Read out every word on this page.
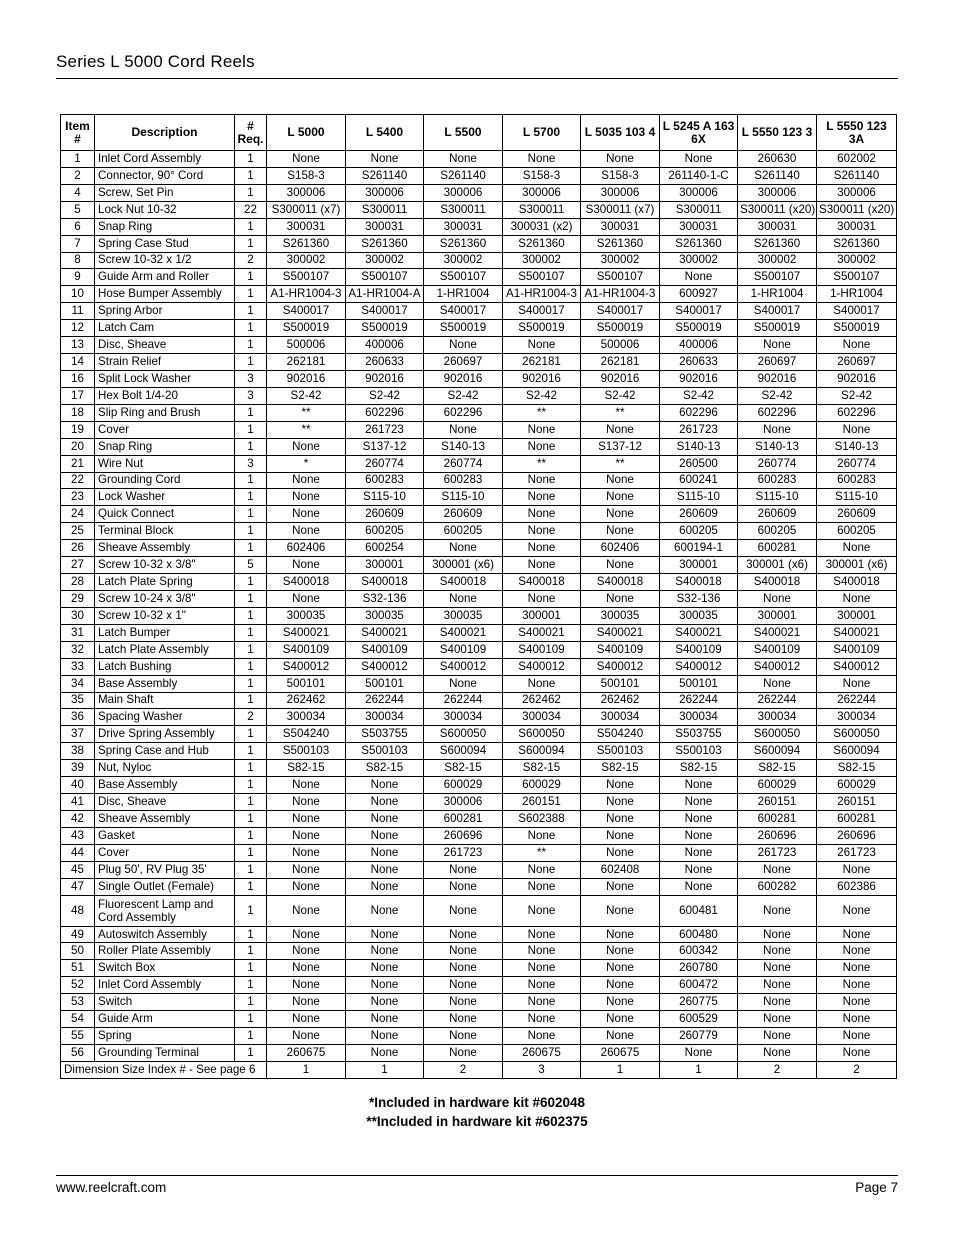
Series L 5000 Cord Reels
Item #	Description	# Req.	L 5000	L 5400	L 5500	L 5700	L 5035 103 4	L 5245 A 163 6X	L 5550 123 3	L 5550 123 3A
1	Inlet Cord Assembly	1	None	None	None	None	None	None	260630	602002
2	Connector, 90° Cord	1	S158-3	S261140	S261140	S158-3	S158-3	261140-1-C	S261140	S261140
4	Screw, Set Pin	1	300006	300006	300006	300006	300006	300006	300006	300006
5	Lock Nut 10-32	22	S300011 (x7)	S300011	S300011	S300011	S300011 (x7)	S300011	S300011 (x20)	S300011 (x20)
6	Snap Ring	1	300031	300031	300031	300031 (x2)	300031	300031	300031	300031
7	Spring Case Stud	1	S261360	S261360	S261360	S261360	S261360	S261360	S261360	S261360
8	Screw 10-32 x 1/2	2	300002	300002	300002	300002	300002	300002	300002	300002
9	Guide Arm and Roller	1	S500107	S500107	S500107	S500107	S500107	None	S500107	S500107
10	Hose Bumper Assembly	1	A1-HR1004-3	A1-HR1004-A	1-HR1004	A1-HR1004-3	A1-HR1004-3	600927	1-HR1004	1-HR1004
11	Spring Arbor	1	S400017	S400017	S400017	S400017	S400017	S400017	S400017	S400017
12	Latch Cam	1	S500019	S500019	S500019	S500019	S500019	S500019	S500019	S500019
13	Disc, Sheave	1	500006	400006	None	None	500006	400006	None	None
14	Strain Relief	1	262181	260633	260697	262181	262181	260633	260697	260697
16	Split Lock Washer	3	902016	902016	902016	902016	902016	902016	902016	902016
17	Hex Bolt 1/4-20	3	S2-42	S2-42	S2-42	S2-42	S2-42	S2-42	S2-42	S2-42
18	Slip Ring and Brush	1	**	602296	602296	**	**	602296	602296	602296
19	Cover	1	**	261723	None	None	None	261723	None	None
20	Snap Ring	1	None	S137-12	S140-13	None	S137-12	S140-13	S140-13	S140-13
21	Wire Nut	3	*	260774	260774	**	**	260500	260774	260774
22	Grounding Cord	1	None	600283	600283	None	None	600241	600283	600283
23	Lock Washer	1	None	S115-10	S115-10	None	None	S115-10	S115-10	S115-10
24	Quick Connect	1	None	260609	260609	None	None	260609	260609	260609
25	Terminal Block	1	None	600205	600205	None	None	600205	600205	600205
26	Sheave Assembly	1	602406	600254	None	None	602406	600194-1	600281	None
27	Screw 10-32 x 3/8"	5	None	300001	300001 (x6)	None	None	300001	300001 (x6)	300001 (x6)
28	Latch Plate Spring	1	S400018	S400018	S400018	S400018	S400018	S400018	S400018	S400018
29	Screw 10-24 x 3/8"	1	None	S32-136	None	None	None	S32-136	None	None
30	Screw 10-32 x 1"	1	300035	300035	300035	300001	300035	300035	300001	300001
31	Latch Bumper	1	S400021	S400021	S400021	S400021	S400021	S400021	S400021	S400021
32	Latch Plate Assembly	1	S400109	S400109	S400109	S400109	S400109	S400109	S400109	S400109
33	Latch Bushing	1	S400012	S400012	S400012	S400012	S400012	S400012	S400012	S400012
34	Base Assembly	1	500101	500101	None	None	500101	500101	None	None
35	Main Shaft	1	262462	262244	262244	262462	262462	262244	262244	262244
36	Spacing Washer	2	300034	300034	300034	300034	300034	300034	300034	300034
37	Drive Spring Assembly	1	S504240	S503755	S600050	S600050	S504240	S503755	S600050	S600050
38	Spring Case and Hub	1	S500103	S500103	S600094	S600094	S500103	S500103	S600094	S600094
39	Nut, Nyloc	1	S82-15	S82-15	S82-15	S82-15	S82-15	S82-15	S82-15	S82-15
40	Base Assembly	1	None	None	600029	600029	None	None	600029	600029
41	Disc, Sheave	1	None	None	300006	260151	None	None	260151	260151
42	Sheave Assembly	1	None	None	600281	S602388	None	None	600281	600281
43	Gasket	1	None	None	260696	None	None	None	260696	260696
44	Cover	1	None	None	261723	**	None	None	261723	261723
45	Plug 50', RV Plug 35'	1	None	None	None	None	602408	None	None	None
47	Single Outlet (Female)	1	None	None	None	None	None	None	600282	602386
48	Fluorescent Lamp and Cord Assembly	1	None	None	None	None	None	600481	None	None
49	Autoswitch Assembly	1	None	None	None	None	None	600480	None	None
50	Roller Plate Assembly	1	None	None	None	None	None	600342	None	None
51	Switch Box	1	None	None	None	None	None	260780	None	None
52	Inlet Cord Assembly	1	None	None	None	None	None	600472	None	None
53	Switch	1	None	None	None	None	None	260775	None	None
54	Guide Arm	1	None	None	None	None	None	600529	None	None
55	Spring	1	None	None	None	None	None	260779	None	None
56	Grounding Terminal	1	260675	None	None	260675	260675	None	None	None
Dimension Size Index # - See page 6			1	1	2	3	1	1	2	2
*Included in hardware kit #602048
**Included in hardware kit #602375
www.reelcraft.com	Page 7
